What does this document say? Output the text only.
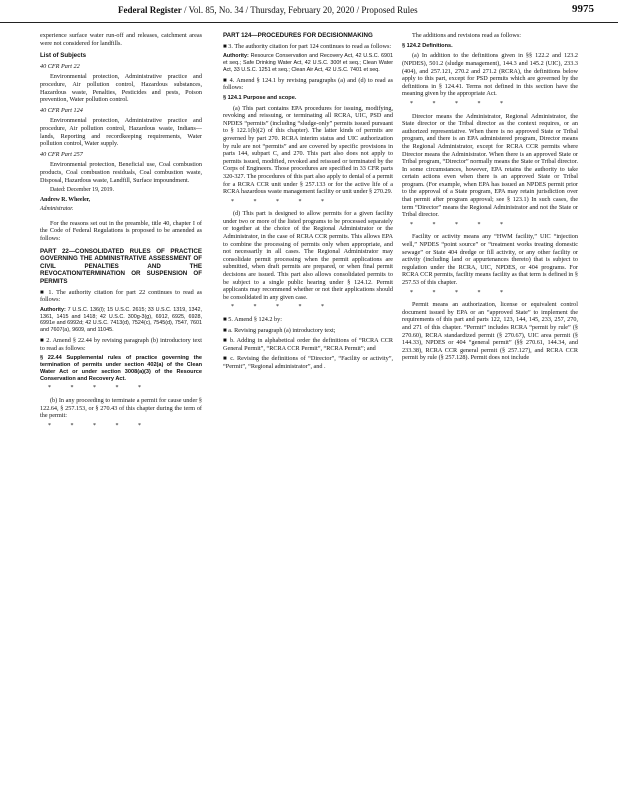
Federal Register / Vol. 85, No. 34 / Thursday, February 20, 2020 / Proposed Rules	9975

experience surface water run-off and releases, catchment areas were not considered for landfills.

List of Subjects
40 CFR Part 22

Environmental protection, Administrative practice and procedure, Air pollution control, Hazardous substances, Hazardous waste, Penalties, Pesticides and pests, Poison prevention, Water pollution control.

40 CFR Part 124

Environmental protection, Administrative practice and procedure, Air pollution control, Hazardous waste, Indians—lands, Reporting and recordkeeping requirements, Water pollution control, Water supply.

40 CFR Part 257

Environmental protection, Beneficial use, Coal combustion products, Coal combustion residuals, Coal combustion waste, Disposal, Hazardous waste, Landfill, Surface impoundment.

Dated: December 19, 2019.
Andrew R. Wheeler,
Administrator.

For the reasons set out in the preamble, title 40, chapter I of the Code of Federal Regulations is proposed to be amended as follows:

PART 22—CONSOLIDATED RULES OF PRACTICE GOVERNING THE ADMINISTRATIVE ASSESSMENT OF CIVIL PENALTIES AND THE REVOCATION/TERMINATION OR SUSPENSION OF PERMITS

■ 1. The authority citation for part 22 continues to read as follows:

Authority: 7 U.S.C. 136(l); 15 U.S.C. 2615; 33 U.S.C. 1319, 1342, 1361, 1415 and 1418; 42 U.S.C. 300g-3(g), 6912, 6925, 6928, 6991e and 6992d; 42 U.S.C. 7413(d), 7524(c), 7545(d), 7547, 7601 and 7607(a), 9609, and 11045.

■ 2. Amend § 22.44 by revising paragraph (b) introductory text to read as follows:

§ 22.44 Supplemental rules of practice governing the termination of permits under section 402(a) of the Clean Water Act or under section 3008(a)(3) of the Resource Conservation and Recovery Act.
* * * * *

(b) In any proceeding to terminate a permit for cause under § 122.64, § 257.153, or § 270.43 of this chapter during the term of the permit:

* * * * *
PART 124—PROCEDURES FOR DECISIONMAKING

■ 3. The authority citation for part 124 continues to read as follows:

Authority: Resource Conservation and Recovery Act, 42 U.S.C. 6901 et seq.; Safe Drinking Water Act, 42 U.S.C. 300f et seq.; Clean Water Act, 33 U.S.C. 1251 et seq.; Clean Air Act, 42 U.S.C. 7401 et seq.

■ 4. Amend § 124.1 by revising paragraphs (a) and (d) to read as follows:

§ 124.1 Purpose and scope.

(a) This part contains EPA procedures for issuing, modifying, revoking and reissuing, or terminating all RCRA, UIC, PSD and NPDES “permits” (including “sludge-only” permits issued pursuant to § 122.1(b)(2) of this chapter). The latter kinds of permits are governed by part 270. RCRA interim status and UIC authorization by rule are not “permits” and are covered by specific provisions in parts 144, subpart C, and 270. This part also does not apply to permits issued, modified, revoked and reissued or terminated by the Corps of Engineers. Those procedures are specified in 33 CFR parts 320-327. The procedures of this part also apply to denial of a permit for a RCRA CCR unit under § 257.133 or for the active life of a RCRA hazardous waste management facility or unit under § 270.29.

* * * * *

(d) This part is designed to allow permits for a given facility under two or more of the listed programs to be processed separately or together at the choice of the Regional Administrator or the Administrator, in the case of RCRA CCR permits. This allows EPA to combine the processing of permits only when appropriate, and not necessarily in all cases. The Regional Administrator may consolidate permit processing when the permit applications are submitted, when draft permits are prepared, or when final permit decisions are issued. This part also allows consolidated permits to be subject to a single public hearing under § 124.12. Permit applicants may recommend whether or not their applications should be consolidated in any given case.

* * * * *

■ 5. Amend § 124.2 by:

■ a. Revising paragraph (a) introductory text;

■ b. Adding in alphabetical order the definitions of “RCRA CCR General Permit”, “RCRA CCR Permit”, “RCRA Permit”; and

■ c. Revising the definitions of “Director”, “Facility or activity”, “Permit”, “Regional administrator”, and .

The additions and revisions read as follows:

§ 124.2 Definitions.

(a) In addition to the definitions given in §§ 122.2 and 123.2 (NPDES), 501.2 (sludge management), 144.3 and 145.2 (UIC), 233.3 (404), and 257.121, 270.2 and 271.2 (RCRA), the definitions below apply to this part, except for PSD permits which are governed by the definitions in § 124.41. Terms not defined in this section have the meaning given by the appropriate Act.

* * * * *

Director means the Administrator, Regional Administrator, the State director or the Tribal director as the context requires, or an authorized representative. When there is no approved State or Tribal program, and there is an EPA administered program, Director means the Regional Administrator, except for RCRA CCR permits where Director means the Administrator. When there is an approved State or Tribal program, “Director” normally means the State or Tribal director. In some circumstances, however, EPA retains the authority to take certain actions even when there is an approved State or Tribal program. (For example, when EPA has issued an NPDES permit prior to the approval of a State program, EPA may retain jurisdiction over that permit after program approval; see § 123.1) In such cases, the term “Director” means the Regional Administrator and not the State or Tribal director.

* * * * *

Facility or activity means any “HWM facility,” UIC “injection well,” NPDES “point source” or “treatment works treating domestic sewage” or State 404 dredge or fill activity, or any other facility or activity (including land or appurtenances thereto) that is subject to regulation under the RCRA, UIC, NPDES, or 404 programs. For RCRA CCR permits, facility means facility as that term is defined in § 257.53 of this chapter.

* * * * *

Permit means an authorization, license or equivalent control document issued by EPA or an “approved State” to implement the requirements of this part and parts 122, 123, 144, 145, 233, 257, 270, and 271 of this chapter. “Permit” includes RCRA “permit by rule” (§ 270.60), RCRA standardized permit (§ 270.67), UIC area permit (§ 144.33), NPDES or 404 “general permit” (§§ 270.61, 144.34, and 233.38), RCRA CCR general permit (§ 257.127), and RCRA CCR permit by rule (§ 257.128). Permit does not include
